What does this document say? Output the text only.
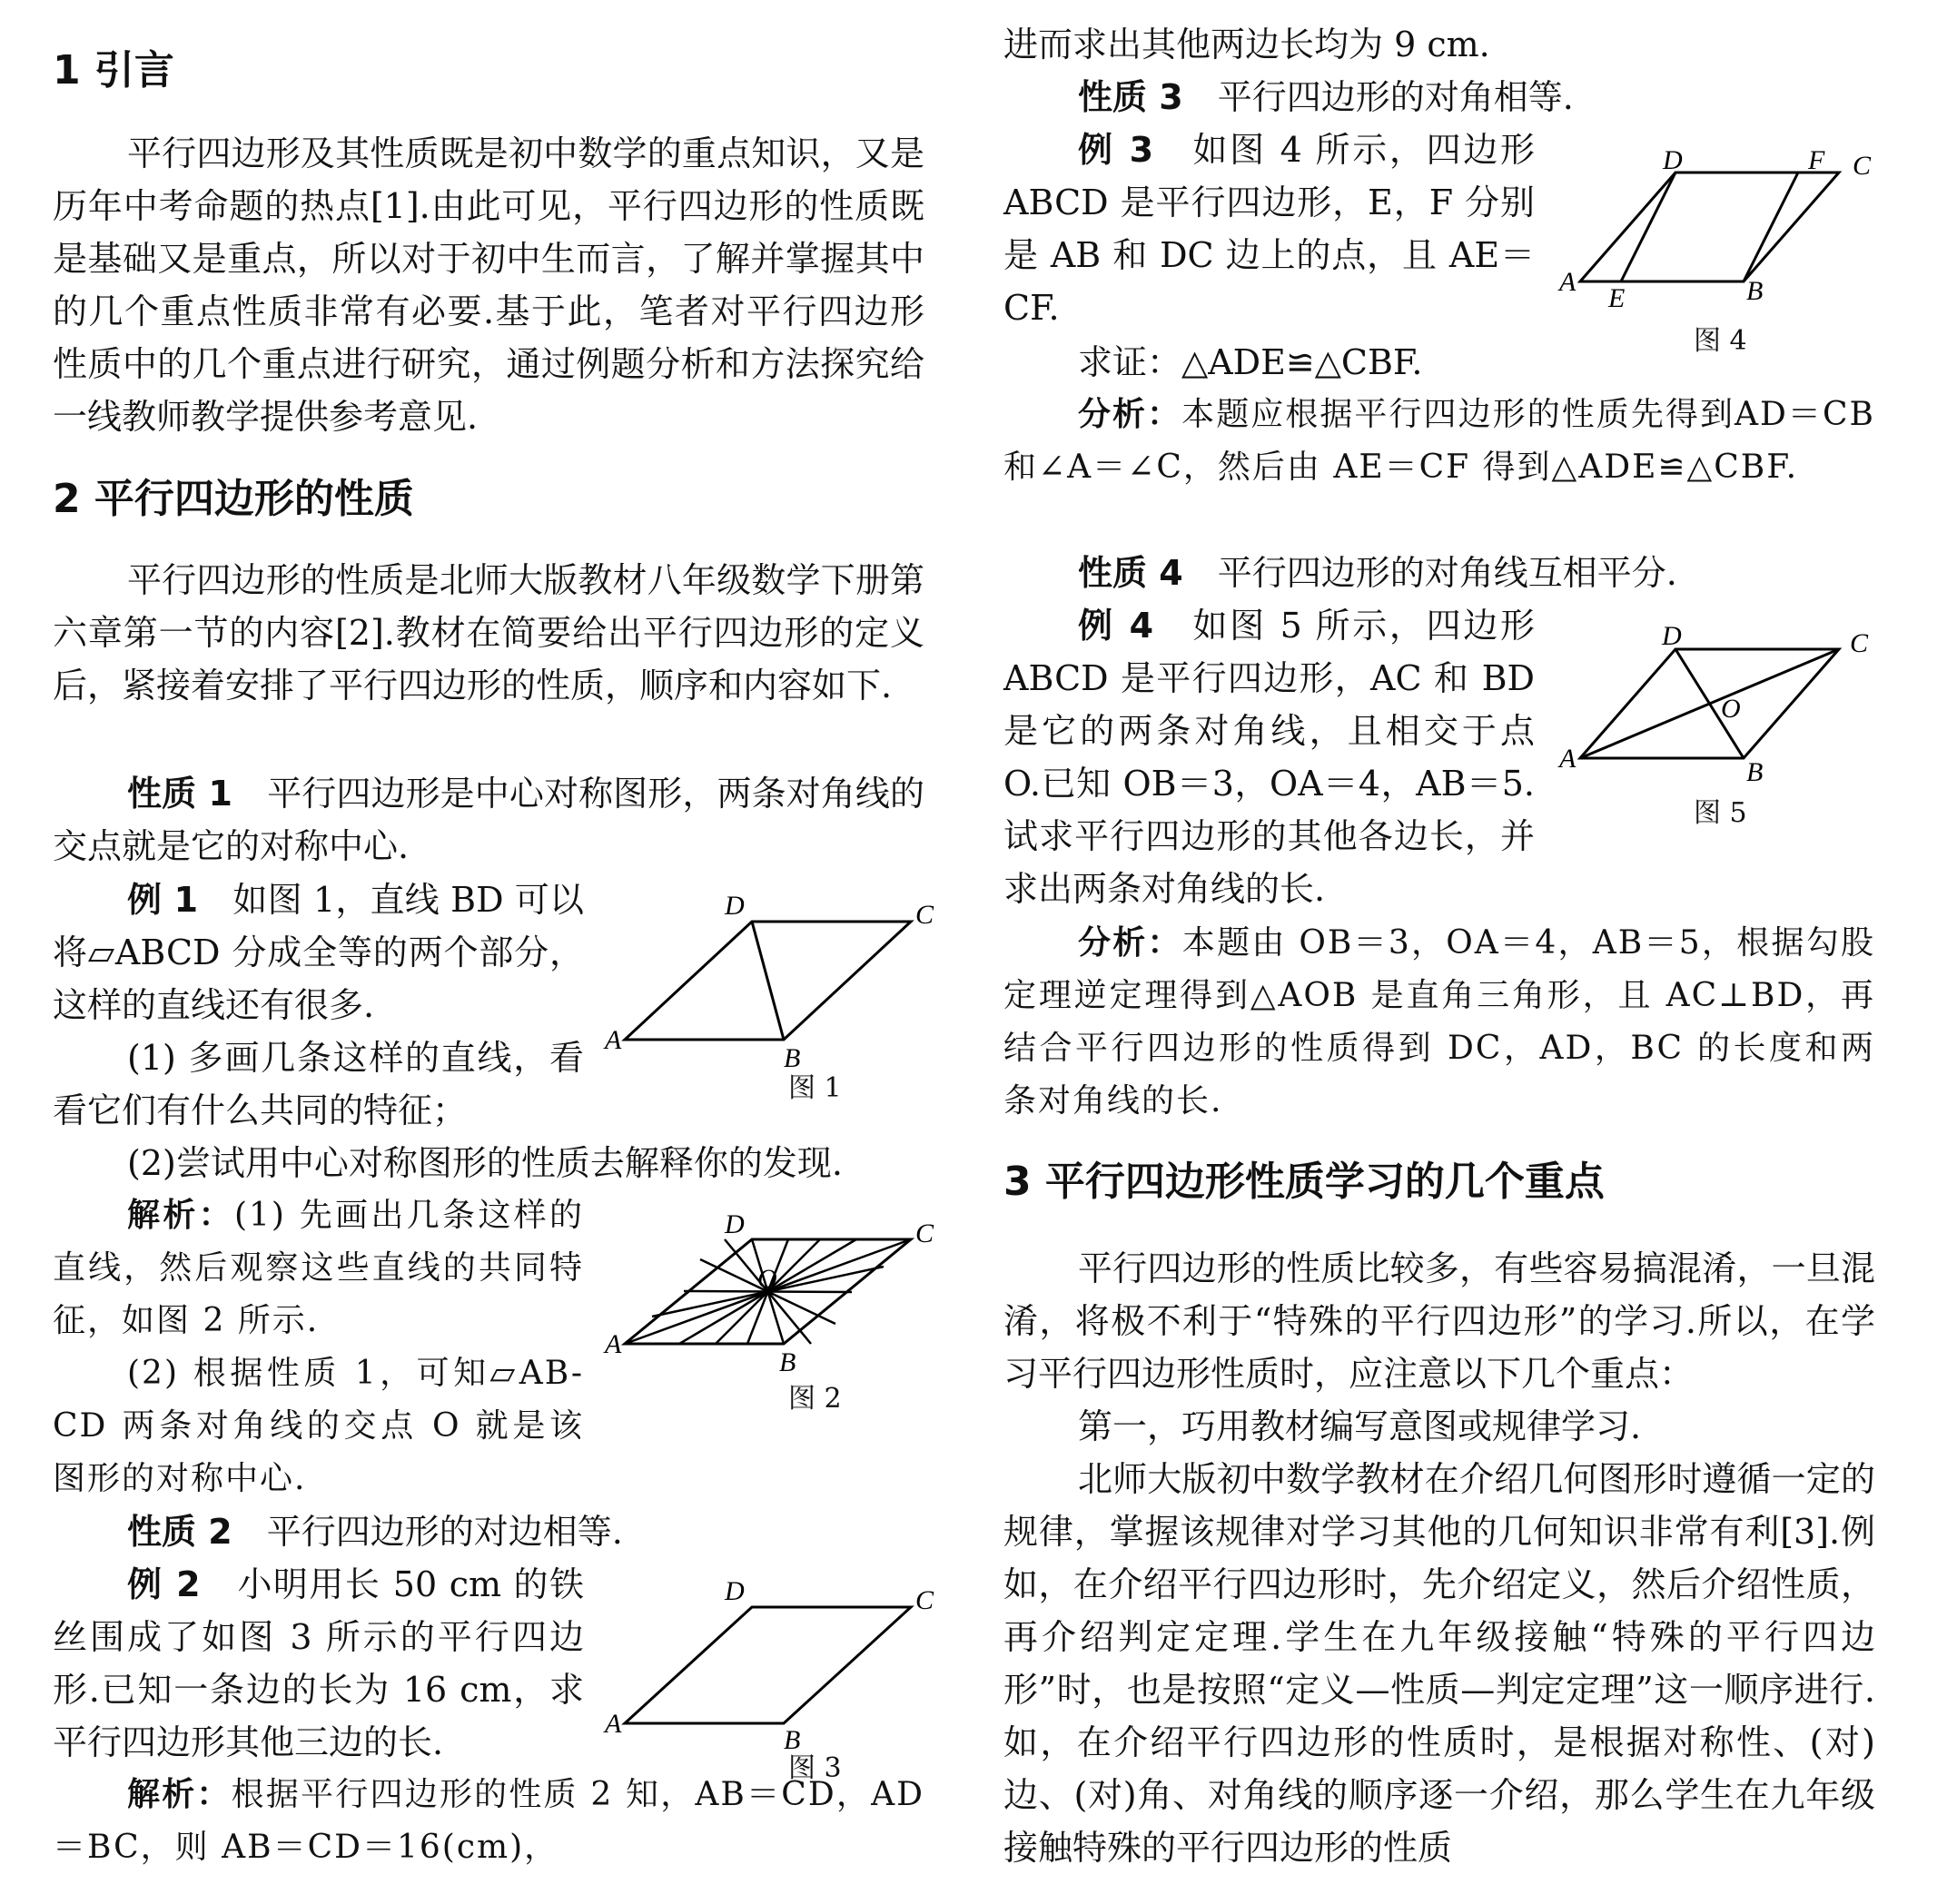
1 引言

平行四边形及其性质既是初中数学的重点知识，又是历年中考命题的热点[1].由此可见，平行四边形的性质既是基础又是重点，所以对于初中生而言，了解并掌握其中的几个重点性质非常有必要.基于此，笔者对平行四边形性质中的几个重点进行研究，通过例题分析和方法探究给一线教师教学提供参考意见.

2 平行四边形的性质

平行四边形的性质是北师大版教材八年级数学下册第六章第一节的内容[2].教材在简要给出平行四边形的定义后，紧接着安排了平行四边形的性质，顺序和内容如下.

性质 1　 平行四边形是中心对称图形，两条对角线的交点就是它的对称中心.

例 1　 如图 1，直线 BD 可以将▱ABCD 分成全等的两个部分，这样的直线还有很多.

(1) 多画几条这样的直线，看看它们有什么共同的特征；

(2)尝试用中心对称图形的性质去解释你的发现.

解析：(1) 先画出几条这样的直线，然后观察这些直线的共同特征，如图 2 所示.

(2) 根据性质 1，可知▱AB-CD 两条对角线的交点 O 就是该图形的对称中心.

性质 2　 平行四边形的对边相等.

例 2　 小明用长 50 cm 的铁丝围成了如图 3 所示的平行四边形.已知一条边的长为 16 cm，求平行四边形其他三边的长.

解析：根据平行四边形的性质 2 知，AB＝CD，AD＝BC，则 AB＝CD＝16(cm)，

A
B
C
D
图 1
A
B
C
D
O
图 2
A
B
C
D
图 3

进而求出其他两边长均为 9 cm.

性质 3　 平行四边形的对角相等.

例 3　 如图 4 所示，四边形 ABCD 是平行四边形，E，F 分别是 AB 和 DC 边上的点，且 AE＝CF.

求证：△ADE≌△CBF.

分析：本题应根据平行四边形的性质先得到AD＝CB 和∠A＝∠C，然后由 AE＝CF 得到△ADE≌△CBF.

性质 4　 平行四边形的对角线互相平分.

例 4　 如图 5 所示，四边形 ABCD 是平行四边形，AC 和 BD 是它的两条对角线，且相交于点 O.已知 OB＝3，OA＝4，AB＝5.试求平行四边形的其他各边长，并求出两条对角线的长.

分析：本题由 OB＝3，OA＝4，AB＝5，根据勾股定理逆定理得到△AOB 是直角三角形，且 AC⊥BD，再结合平行四边形的性质得到 DC，AD，BC 的长度和两条对角线的长.

3 平行四边形性质学习的几个重点

平行四边形的性质比较多，有些容易搞混淆，一旦混淆，将极不利于“特殊的平行四边形”的学习.所以，在学习平行四边形性质时，应注意以下几个重点：

第一，巧用教材编写意图或规律学习.

北师大版初中数学教材在介绍几何图形时遵循一定的规律，掌握该规律对学习其他的几何知识非常有利[3].例如，在介绍平行四边形时，先介绍定义，然后介绍性质，再介绍判定定理.学生在九年级接触“特殊的平行四边形”时，也是按照“定义—性质—判定定理”这一顺序进行.如，在介绍平行四边形的性质时，是根据对称性、(对)边、(对)角、对角线的顺序逐一介绍，那么学生在九年级接触特殊的平行四边形的性质

A	B
C
D
E
F
图 4
A	B
C
D
O
图 5
